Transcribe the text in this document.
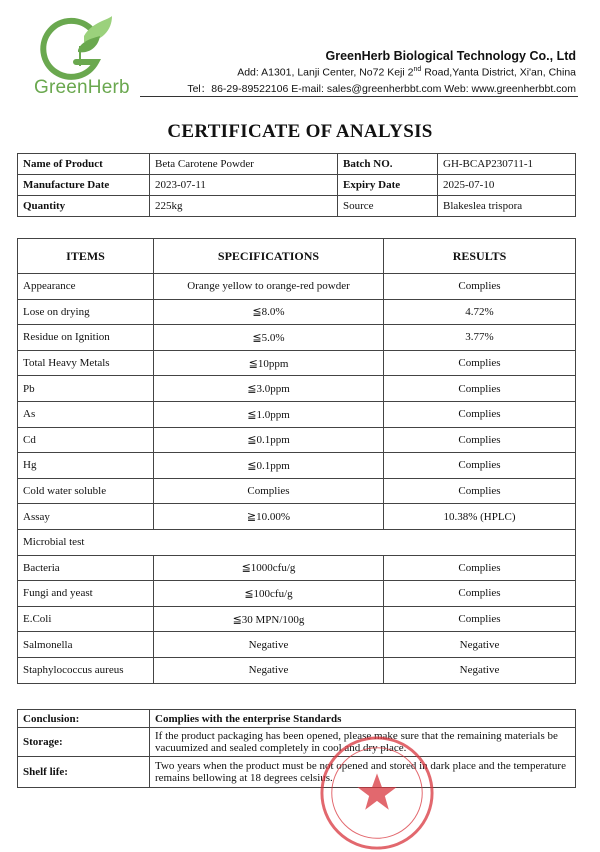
GreenHerb
GreenHerb Biological Technology Co., Ltd
Add: A1301, Lanji Center, No72 Keji 2nd Road,Yanta District, Xi'an, China
Tel：86-29-89522106 E-mail: sales@greenherbbt.com Web: www.greenherbbt.com
CERTIFICATE OF ANALYSIS
Name of Product	Beta Carotene Powder	Batch NO.	GH-BCAP230711-1
Manufacture Date	2023-07-11	Expiry Date	2025-07-10
Quantity	225kg	Source	Blakeslea trispora
ITEMS	SPECIFICATIONS	RESULTS
Appearance	Orange yellow to orange-red powder	Complies
Lose on drying	≦8.0%	4.72%
Residue on Ignition	≦5.0%	3.77%
Total Heavy Metals	≦10ppm	Complies
Pb	≦3.0ppm	Complies
As	≦1.0ppm	Complies
Cd	≦0.1ppm	Complies
Hg	≦0.1ppm	Complies
Cold water soluble	Complies	Complies
Assay	≧10.00%	10.38% (HPLC)
Microbial test		
Bacteria	≦1000cfu/g	Complies
Fungi and yeast	≦100cfu/g	Complies
E.Coli	≦30 MPN/100g	Complies
Salmonella	Negative	Negative
Staphylococcus aureus	Negative	Negative
Conclusion:	Complies with the enterprise Standards
Storage:	If the product packaging has been opened, please make sure that the remaining materials be vacuumized and sealed completely in cool and dry place.
Shelf life:	Two years when the product must be not opened and stored in dark place and the temperature remains bellowing at 18 degrees celsius.
